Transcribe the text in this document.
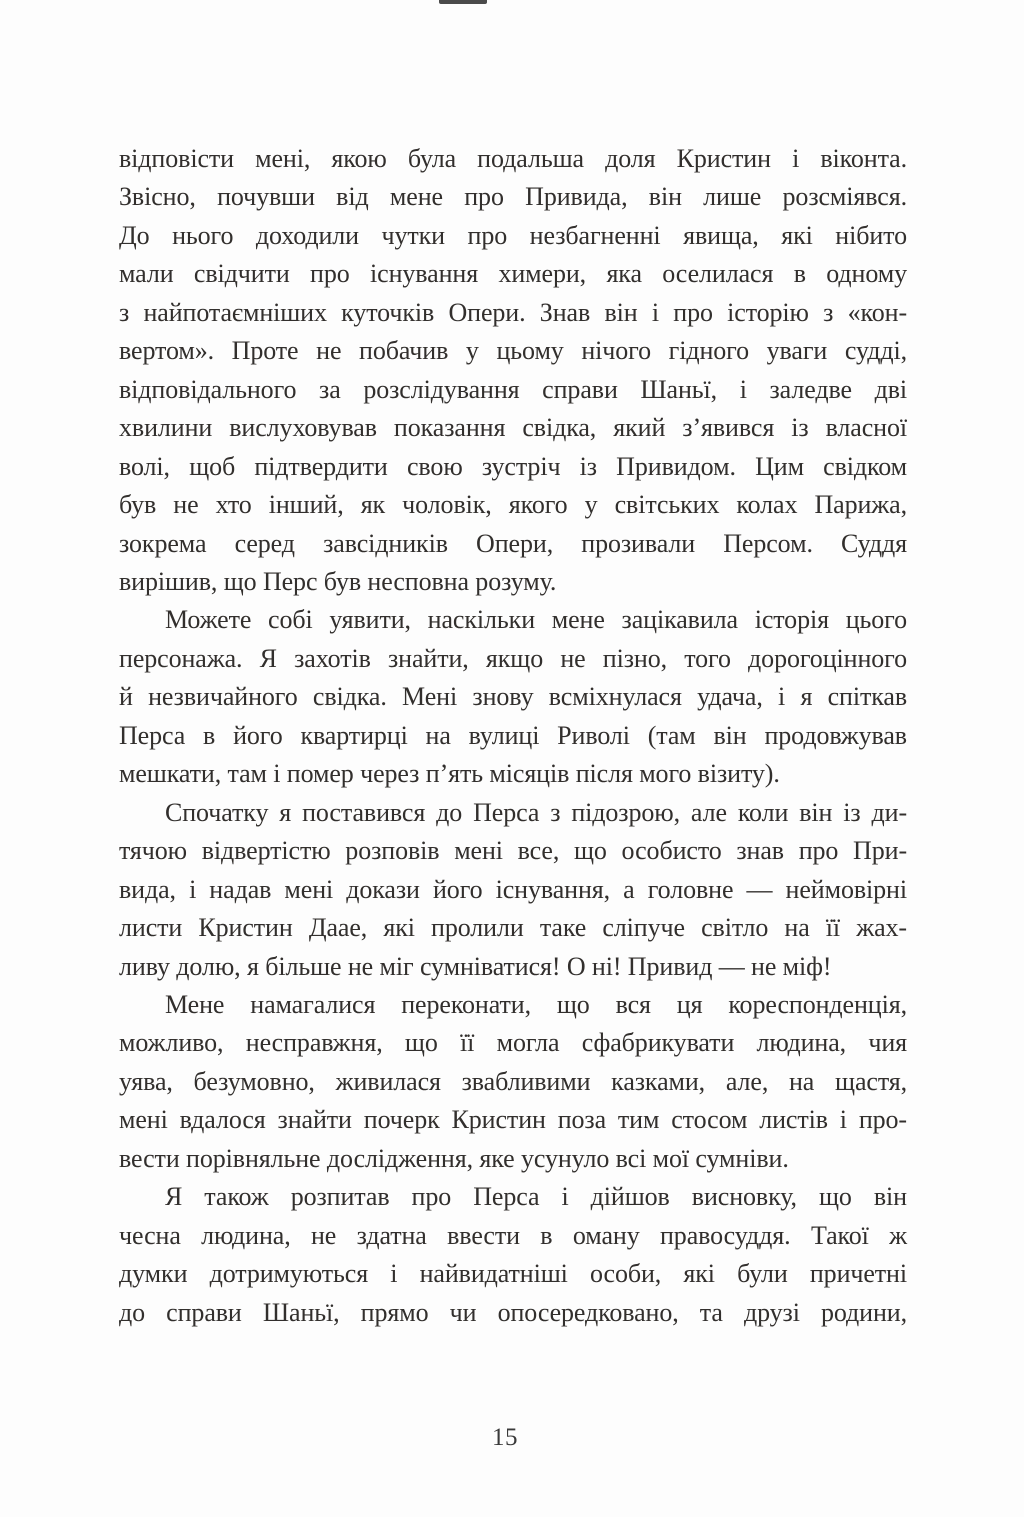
відповісти мені, якою була подальша доля Кристин і віконта.
Звісно, почувши від мене про Привида, він лише розсміявся.
До нього доходили чутки про незбагненні явища, які нібито
мали свідчити про існування химери, яка оселилася в одному
з найпотаємніших куточків Опери. Знав він і про історію з «кон-
вертом». Проте не побачив у цьому нічого гідного уваги судді,
відповідального за розслідування справи Шаньї, і заледве дві
хвилини вислуховував показання свідка, який з’явився із власної
волі, щоб підтвердити свою зустріч із Привидом. Цим свідком
був не хто інший, як чоловік, якого у світських колах Парижа,
зокрема серед завсідників Опери, прозивали Персом. Суддя
вирішив, що Перс був несповна розуму.
Можете собі уявити, наскільки мене зацікавила історія цього
персонажа. Я захотів знайти, якщо не пізно, того дорогоцінного
й незвичайного свідка. Мені знову всміхнулася удача, і я спіткав
Перса в його квартирці на вулиці Риволі (там він продовжував
мешкати, там і помер через п’ять місяців після мого візиту).
Спочатку я поставився до Перса з підозрою, але коли він із ди-
тячою відвертістю розповів мені все, що особисто знав про При-
вида, і надав мені докази його існування, а головне — неймовірні
листи Кристин Даае, які пролили таке сліпуче світло на її жах-
ливу долю, я більше не міг сумніватися! О ні! Привид — не міф!
Мене намагалися переконати, що вся ця кореспонденція,
можливо, несправжня, що її могла сфабрикувати людина, чия
уява, безумовно, живилася звабливими казками, але, на щастя,
мені вдалося знайти почерк Кристин поза тим стосом листів і про-
вести порівняльне дослідження, яке усунуло всі мої сумніви.
Я також розпитав про Перса і дійшов висновку, що він
чесна людина, не здатна ввести в оману правосуддя. Такої ж
думки дотримуються і найвидатніші особи, які були причетні
до справи Шаньї, прямо чи опосередковано, та друзі родини,
15
